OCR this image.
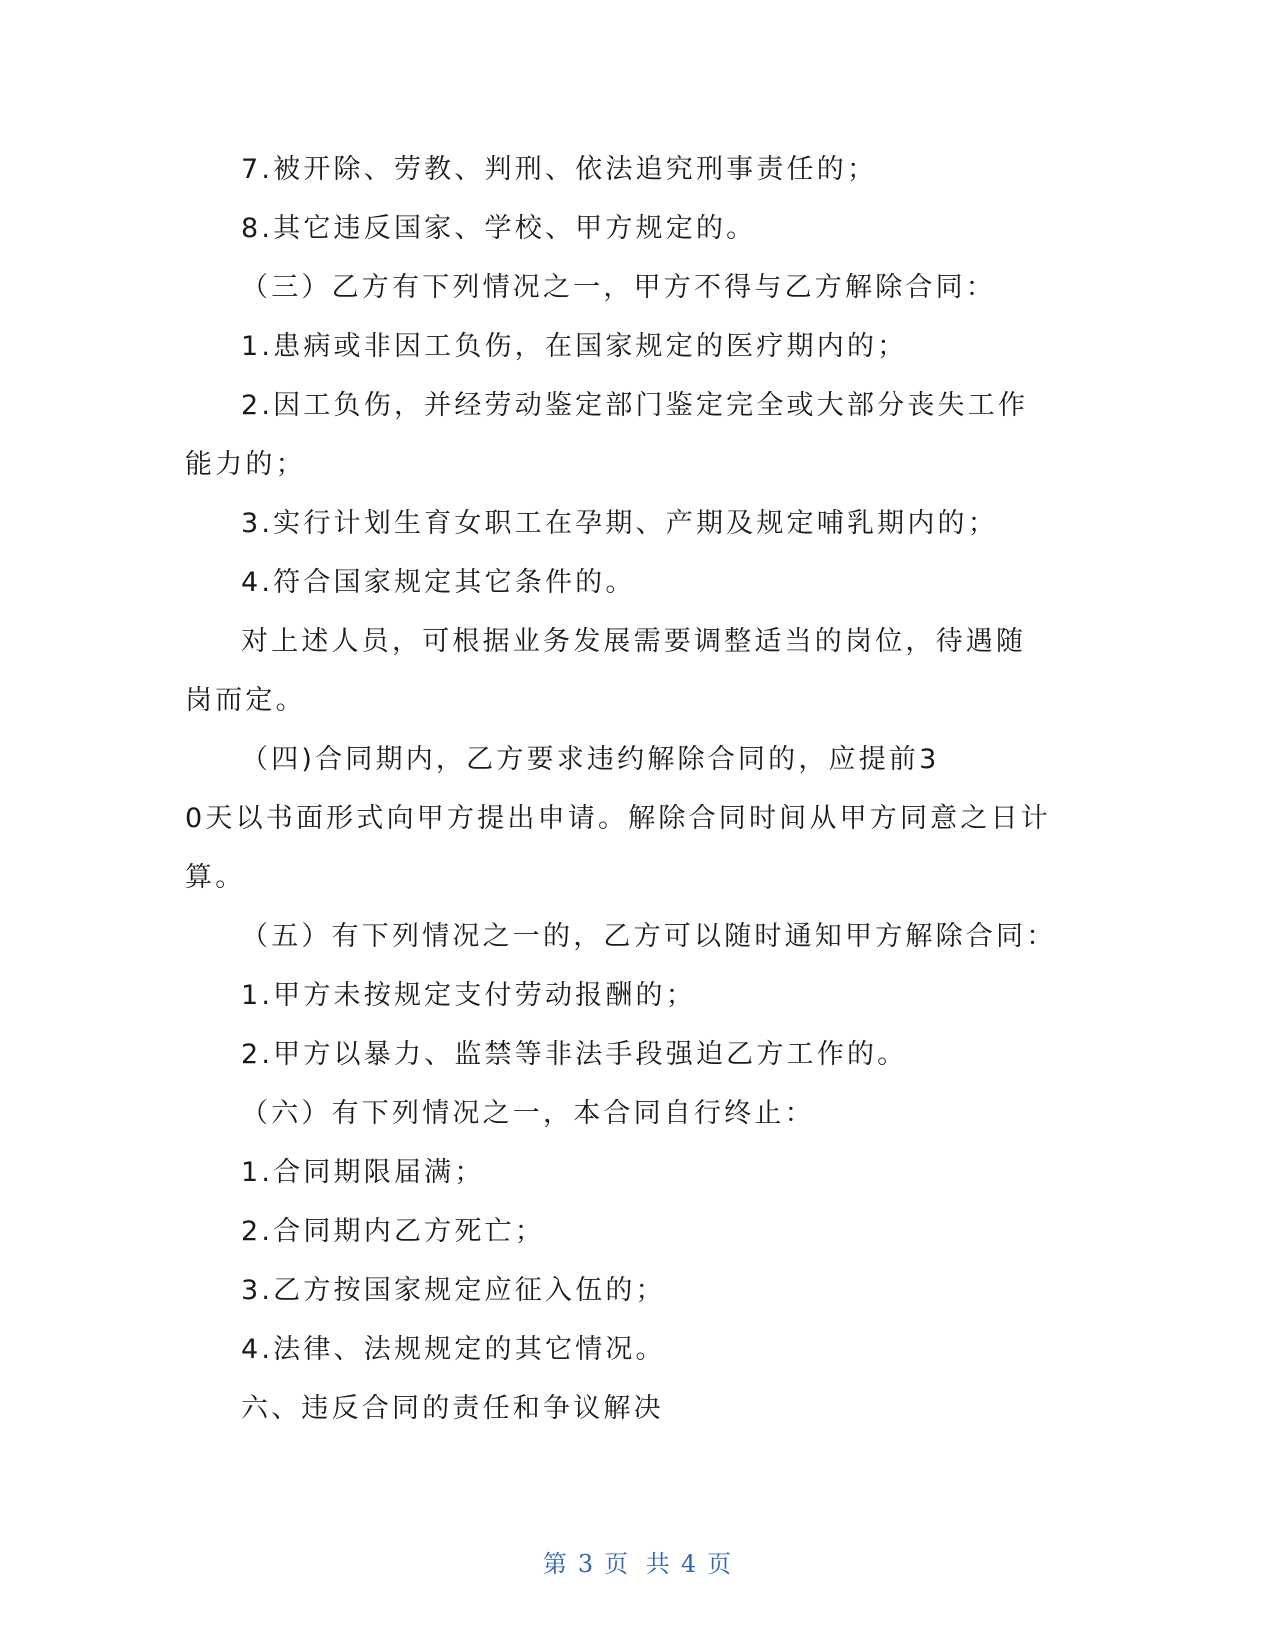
7.被开除、劳教、判刑、依法追究刑事责任的；
8.其它违反国家、学校、甲方规定的。
（三）乙方有下列情况之一，甲方不得与乙方解除合同：
1.患病或非因工负伤，在国家规定的医疗期内的；
2.因工负伤，并经劳动鉴定部门鉴定完全或大部分丧失工作
能力的；
3.实行计划生育女职工在孕期、产期及规定哺乳期内的；
4.符合国家规定其它条件的。
对上述人员，可根据业务发展需要调整适当的岗位，待遇随
岗而定。
（四)合同期内，乙方要求违约解除合同的，应提前3
0天以书面形式向甲方提出申请。解除合同时间从甲方同意之日计
算。
（五）有下列情况之一的，乙方可以随时通知甲方解除合同：
1.甲方未按规定支付劳动报酬的；
2.甲方以暴力、监禁等非法手段强迫乙方工作的。
（六）有下列情况之一，本合同自行终止：
1.合同期限届满；
2.合同期内乙方死亡；
3.乙方按国家规定应征入伍的；
4.法律、法规规定的其它情况。
六、违反合同的责任和争议解决
第 3 页 共 4 页
